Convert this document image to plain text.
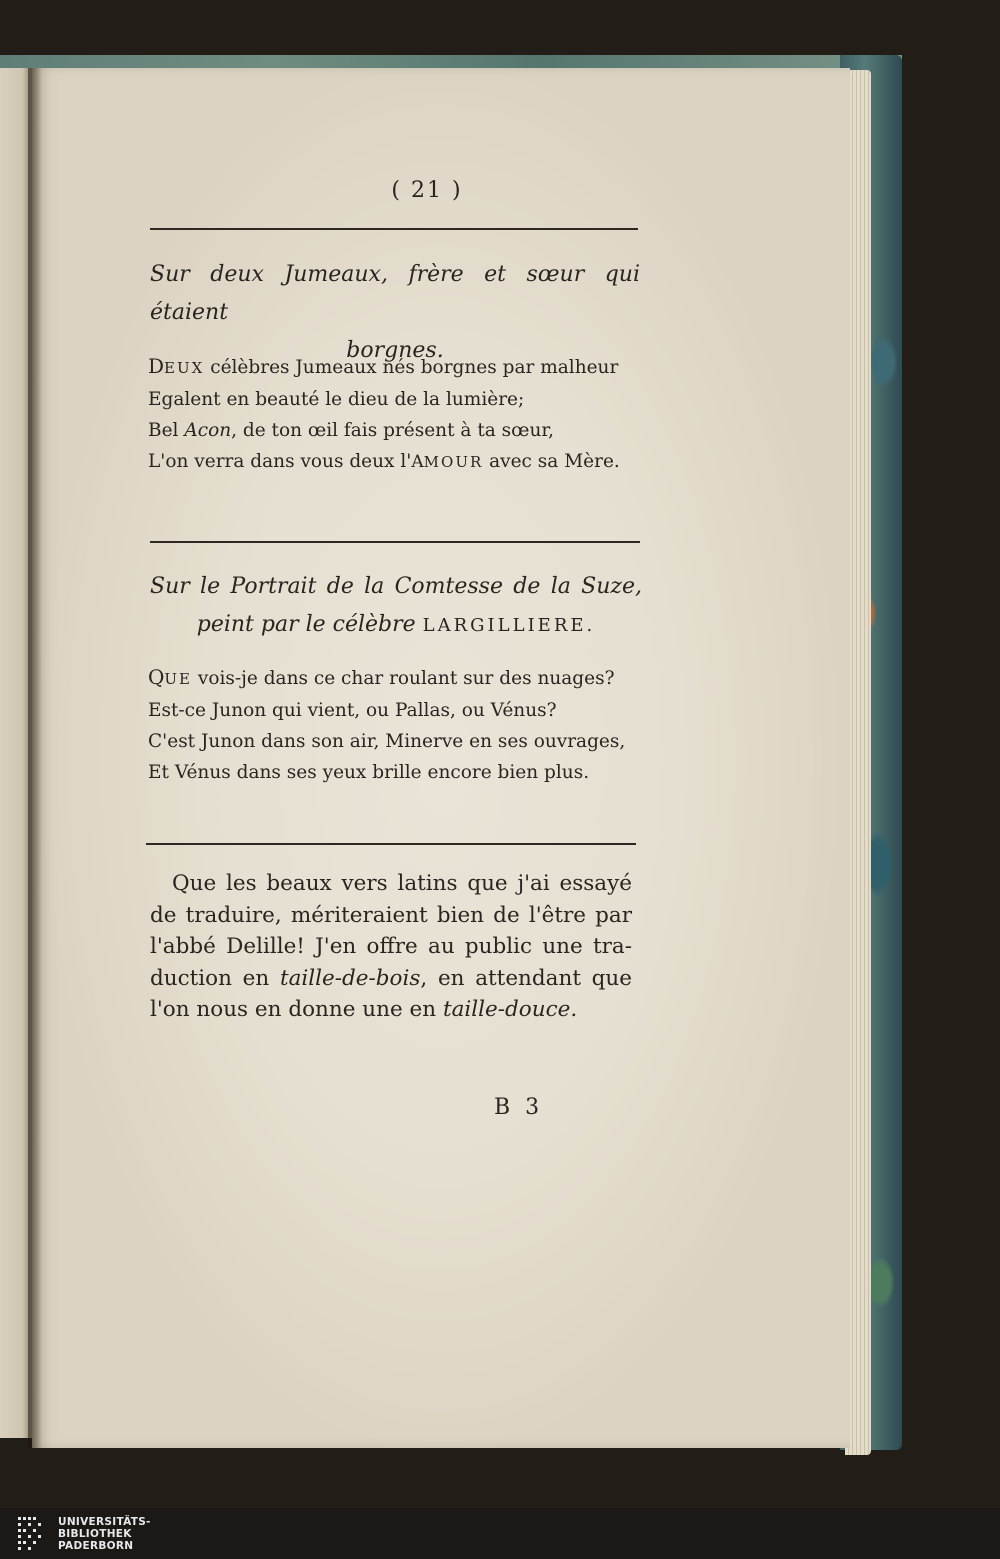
( 21 )
Sur deux Jumeaux, frère et sœur qui étaient
borgnes.
DEUX célèbres Jumeaux nés borgnes par malheur
Egalent en beauté le dieu de la lumière;
Bel Acon, de ton œil fais présent à ta sœur,
L'on verra dans vous deux l'AMOUR avec sa Mère.
Sur le Portrait de la Comtesse de la Suze,
peint par le célèbre LARGILLIERE.
QUE vois-je dans ce char roulant sur des nuages?
Est-ce Junon qui vient, ou Pallas, ou Vénus?
C'est Junon dans son air, Minerve en ses ouvrages,
Et Vénus dans ses yeux brille encore bien plus.
Que les beaux vers latins que j'ai essayé
de traduire, mériteraient bien de l'être par
l'abbé Delille! J'en offre au public une tra-
duction en taille-de-bois, en attendant que
l'on nous en donne une en taille-douce.
B 3
UNIVERSITÄTS-
BIBLIOTHEK
PADERBORN
